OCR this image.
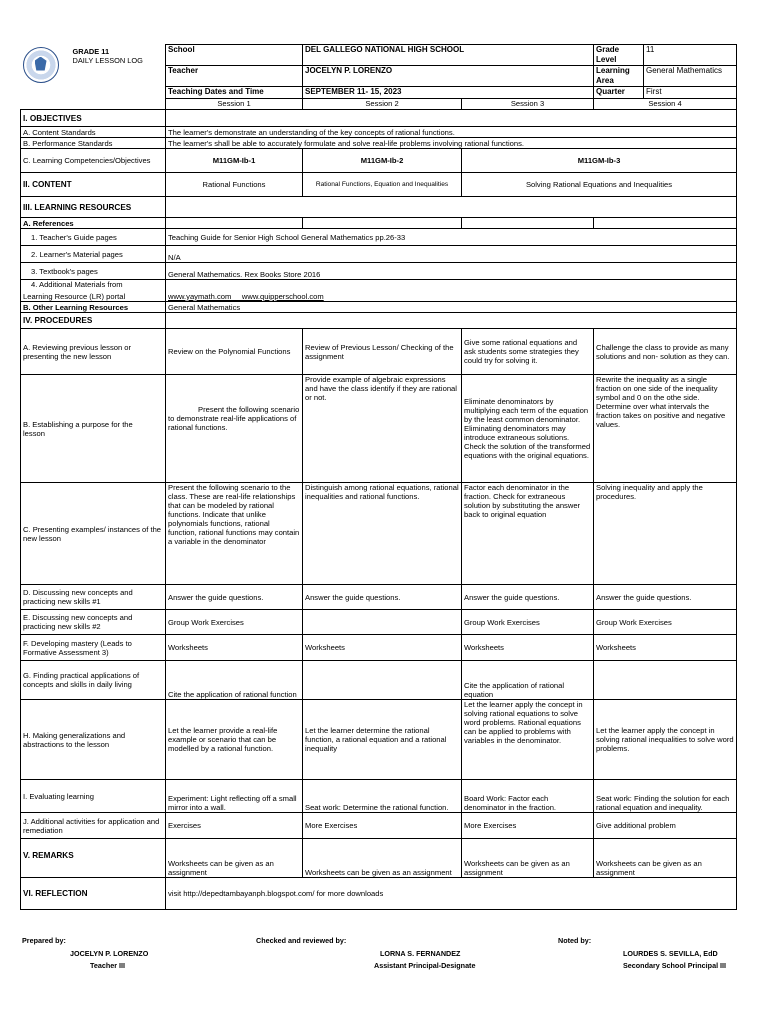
GRADE 11
DAILY LESSON LOG	School	DEL GALLEGO NATIONAL HIGH SCHOOL		Grade Level	11
	Teacher	JOCELYN P. LORENZO		Learning Area	General Mathematics
	Teaching Dates and Time	SEPTEMBER 11- 15, 2023		Quarter	First
	Session 1	Session 2	Session 3	Session 4	
I. OBJECTIVES					
A. Content Standards	The learner's demonstrate an understanding of the key concepts of rational functions.				
B. Performance Standards	The learner's shall be able to accurately formulate and solve real-life problems involving rational functions.				
C. Learning Competencies/Objectives	M11GM-Ib-1	M11GM-Ib-2	M11GM-Ib-3		
II. CONTENT	Rational Functions	Rational Functions, Equation and Inequalities	Solving Rational Equations and Inequalities		
III. LEARNING RESOURCES					
A. References					
1. Teacher's Guide pages	Teaching Guide for Senior High School General Mathematics pp.26-33				
2. Learner's Material pages	N/A				
3. Textbook's pages	General Mathematics. Rex Books Store 2016				

4. Additional Materials from
Learning Resource (LR) portal	www.yaymath.com     www.quipperschool.com				
B. Other Learning Resources	General Mathematics				
IV. PROCEDURES					
A. Reviewing previous lesson or presenting the new lesson	Review on the Polynomial Functions	Review of Previous Lesson/ Checking of the assignment	Give some rational equations and ask students some strategies they could try for solving it.	Challenge the class to provide as many solutions and non- solution as they can.	
B. Establishing a purpose for the lesson	Present the following scenario to demonstrate real-life applications of rational functions.	Provide example of algebraic expressions and have the class identify if they are rational or not.	Eliminate denominators by multiplying each term of the equation by the least common denominator. Eliminating denominators may introduce extraneous solutions. Check the solution of the transformed equations with the original equations.	Rewrite the inequality as a single fraction on one side of the inequality symbol and 0 on the othe side. Determine over what intervals the fraction takes on positive and negative values.	
C. Presenting examples/ instances of the new lesson	Present the following scenario to the class. These are real-life relationships that can be modeled by rational functions. Indicate that unlike polynomials functions, rational function, rational functions may contain a variable in the denominator	Distinguish among rational equations, rational inequalities and rational functions.	Factor each denominator in the fraction. Check for extraneous solution by substituting the answer back to original equation	Solving inequality and apply the procedures.	
D. Discussing new concepts and practicing new skills #1	Answer the guide questions.	Answer the guide questions.	Answer the guide questions.	Answer the guide questions.	
E. Discussing new concepts and practicing new skills #2	Group Work Exercises		Group Work Exercises	Group Work Exercises	
F. Developing mastery (Leads to Formative Assessment 3)	Worksheets	Worksheets	Worksheets	Worksheets	
G. Finding practical applications of concepts and skills in daily living	Cite the application of rational function		Cite the application of rational equation		
H. Making generalizations and abstractions to the lesson	Let the learner provide a real-life example or scenario that can be modelled by a rational function.	Let the learner determine the rational function, a rational equation and a rational inequality	Let the learner apply the concept in solving rational equations to solve word problems. Rational equations can be applied to problems with variables in the denominator.	Let the learner apply the concept in solving rational inequalities to solve word problems.	
I. Evaluating learning	Experiment: Light reflecting off a small mirror into a wall.	Seat work: Determine the rational function.	Board Work: Factor each denominator in the fraction.	Seat work: Finding the solution for each rational equation and inequality.	
J. Additional activities for application and remediation	Exercises	More Exercises	More Exercises	Give additional problem	
V. REMARKS	Worksheets can be given as an assignment	Worksheets can be given as an assignment	Worksheets can be given as an assignment	Worksheets can be given as an assignment	
VI. REFLECTION	visit http://depedtambayanph.blogspot.com/ for more downloads				
Prepared by:
JOCELYN P. LORENZO
Teacher III
Checked and reviewed by:
LORNA S. FERNANDEZ
Assistant Principal-Designate
Noted by:
LOURDES S. SEVILLA, EdD
Secondary School Principal III
